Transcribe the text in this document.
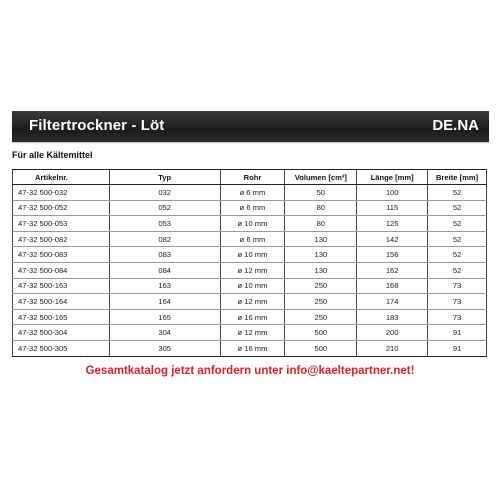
Filtertrockner - Löt	DE.NA
Für alle Kältemittel
Artikelnr.	Typ	Rohr	Volumen [cm³]	Länge [mm]	Breite [mm]
47-32 500-032	032	ø 6 mm	50	100	52
47-32 500-052	052	ø 6 mm	80	115	52
47-32 500-053	053	ø 10 mm	80	125	52
47-32 500-082	082	ø 6 mm	130	142	52
47-32 500-083	083	ø 10 mm	130	156	52
47-32 500-084	084	ø 12 mm	130	162	52
47-32 500-163	163	ø 10 mm	250	168	73
47-32 500-164	164	ø 12 mm	250	174	73
47-32 500-165	165	ø 16 mm	250	183	73
47-32 500-304	304	ø 12 mm	500	200	91
47-32 500-305	305	ø 16 mm	500	210	91
Gesamtkatalog jetzt anfordern unter info@kaeltepartner.net!
